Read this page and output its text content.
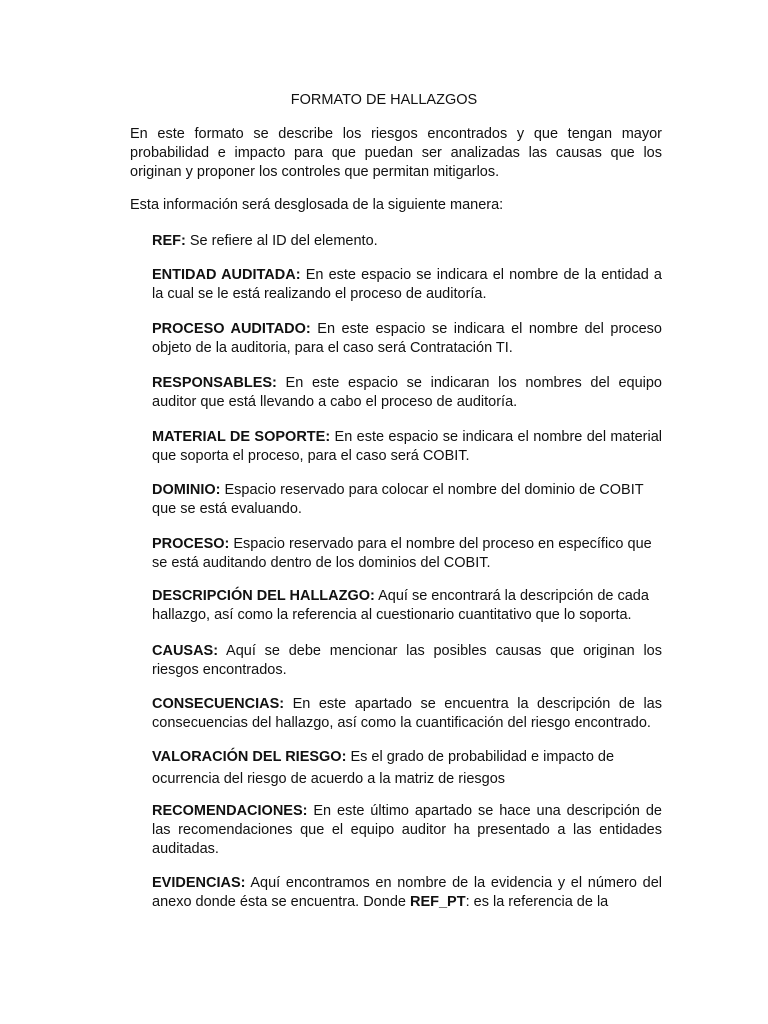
FORMATO DE HALLAZGOS

En este formato se describe los riesgos encontrados y que tengan mayor probabilidad e impacto para que puedan ser analizadas las causas que los originan y proponer los controles que permitan mitigarlos.

Esta información será desglosada de la siguiente manera:

REF: Se refiere al ID del elemento.

ENTIDAD AUDITADA: En este espacio se indicara el nombre de la entidad a la cual se le está realizando el proceso de auditoría.

PROCESO AUDITADO: En este espacio se indicara el nombre del proceso objeto de la auditoria, para el caso será Contratación TI.

RESPONSABLES: En este espacio se indicaran los nombres del equipo auditor que está llevando a cabo el proceso de auditoría.

MATERIAL DE SOPORTE: En este espacio se indicara el nombre del material que soporta el proceso, para el caso será COBIT.

DOMINIO: Espacio reservado para colocar el nombre del dominio de COBIT que se está evaluando.

PROCESO: Espacio reservado para el nombre del proceso en específico que se está auditando dentro de los dominios del COBIT.

DESCRIPCIÓN DEL HALLAZGO: Aquí se encontrará la descripción de cada hallazgo, así como la referencia al cuestionario cuantitativo que lo soporta.

CAUSAS: Aquí se debe mencionar las posibles causas que originan los riesgos encontrados.

CONSECUENCIAS: En este apartado se encuentra la descripción de las consecuencias del hallazgo, así como la cuantificación del riesgo encontrado.

VALORACIÓN DEL RIESGO: Es el grado de probabilidad e impacto de ocurrencia del riesgo de acuerdo a la matriz de riesgos

RECOMENDACIONES: En este último apartado se hace una descripción de las recomendaciones que el equipo auditor ha presentado a las entidades auditadas.

EVIDENCIAS: Aquí encontramos en nombre de la evidencia y el número del anexo donde ésta se encuentra. Donde REF_PT: es la referencia de la
